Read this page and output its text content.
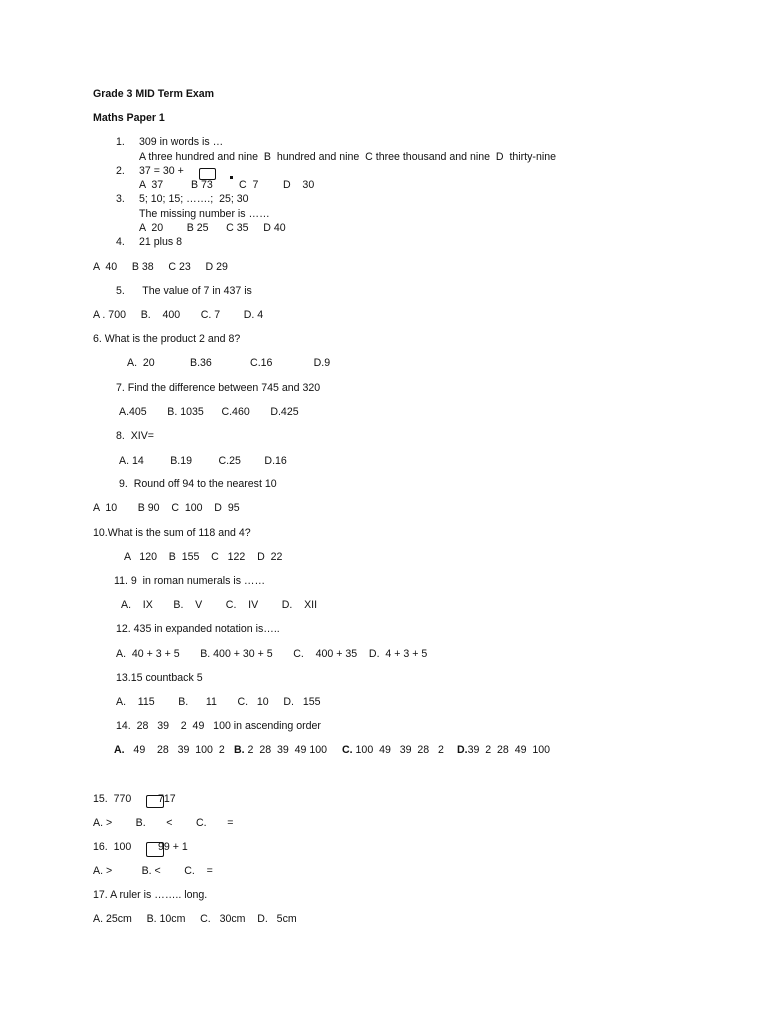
Grade 3 MID Term Exam
Maths Paper 1
1. 309 in words is …
A three hundred and nine  B  hundred and nine  C three thousand and nine  D  thirty-nine
2. 37 = 30 +
A  37	B 73 C  7 D    30
3. 5; 10; 15; …….;  25; 30
The missing number is ……
A  20        B 25      C 35     D 40
4. 21 plus 8
A  40     B 38     C 23     D 29
5.      The value of 7 in 437 is
A . 700     B.    400       C. 7        D. 4
6. What is the product 2 and 8?
A.  20            B.36             C.16              D.9
7. Find the difference between 745 and 320
A.405       B. 1035      C.460       D.425
8.  XIV=
A. 14         B.19         C.25        D.16
9.  Round off 94 to the nearest 10
A  10       B 90    C  100    D  95
10.What is the sum of 118 and 4?
A   120    B  155    C   122    D  22
11. 9  in roman numerals is ……
A.    IX       B.    V        C.    IV        D.    XII
12. 435 in expanded notation is…..
A.  40 + 3 + 5       B. 400 + 30 + 5       C.    400 + 35    D.  4 + 3 + 5
13.15 countback 5
A.    115        B.      11       C.   10     D.   155
14.  28   39    2  49   100 in ascending order
A.   49    28   39  100  2 B. 2  28  39  49 100 C. 100  49   39  28   2 D.39  2  28  49  100
15.  770	717
A. >        B.       <        C.       =
16.  100	99 + 1
A. >          B. <        C.    =
17. A ruler is …….. long.
A. 25cm     B. 10cm     C.   30cm    D.   5cm
